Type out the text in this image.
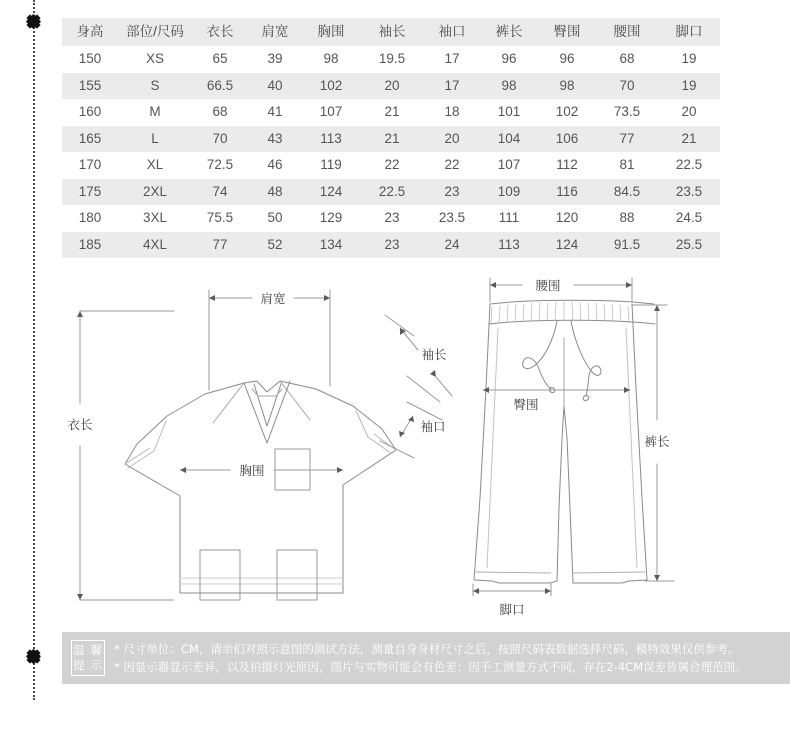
身高	部位/尺码	衣长	肩宽	胸围	袖长	袖口	裤长	臀围	腰围	脚口
150	XS	65	39	98	19.5	17	96	96	68	19
155	S	66.5	40	102	20	17	98	98	70	19
160	M	68	41	107	21	18	101	102	73.5	20
165	L	70	43	113	21	20	104	106	77	21
170	XL	72.5	46	119	22	22	107	112	81	22.5
175	2XL	74	48	124	22.5	23	109	116	84.5	23.5
180	3XL	75.5	50	129	23	23.5	111	120	88	24.5
185	4XL	77	52	134	23	24	113	124	91.5	25.5
肩宽
胸围
衣长
袖长
袖口
腰围
臀围
裤长
脚口
温 馨
提 示

* 尺寸单位：CM，请亲们对照示意图的测试方法，测量自身身材尺寸之后，按照尺码表数据选择尺码，模特效果仅供参考。

* 因显示器显示差异，以及拍摄灯光原因，图片与实物可能会有色差；因手工测量方式不同，存在2-4CM误差皆属合理范围。
